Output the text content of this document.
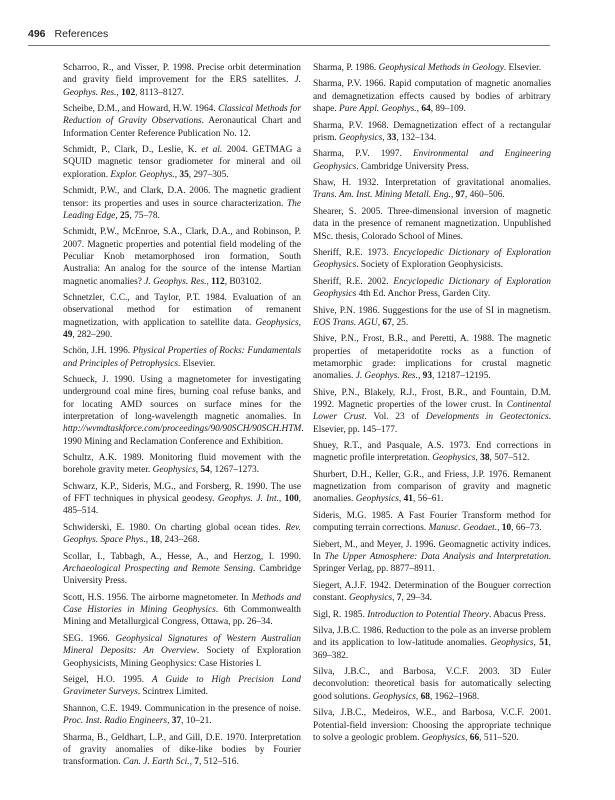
496 References

Scharroo, R., and Visser, P. 1998. Precise orbit determination and gravity field improvement for the ERS satellites. J. Geophys. Res., 102, 8113–8127.

Scheibe, D.M., and Howard, H.W. 1964. Classical Methods for Reduction of Gravity Observations. Aeronautical Chart and Information Center Reference Publication No. 12.

Schmidt, P., Clark, D., Leslie, K. et al. 2004. GETMAG a SQUID magnetic tensor gradiometer for mineral and oil exploration. Explor. Geophys., 35, 297–305.

Schmidt, P.W., and Clark, D.A. 2006. The magnetic gradient tensor: its properties and uses in source characterization. The Leading Edge, 25, 75–78.

Schmidt, P.W., McEnroe, S.A., Clark, D.A., and Robinson, P. 2007. Magnetic properties and potential field modeling of the Peculiar Knob metamorphosed iron formation, South Australia: An analog for the source of the intense Martian magnetic anomalies? J. Geophys. Res., 112, B03102.

Schnetzler, C.C., and Taylor, P.T. 1984. Evaluation of an observational method for estimation of remanent magnetization, with application to satellite data. Geophysics, 49, 282–290.

Schön, J.H. 1996. Physical Properties of Rocks: Fundamentals and Principles of Petrophysics. Elsevier.

Schueck, J. 1990. Using a magnetometer for investigating underground coal mine fires, burning coal refuse banks, and for locating AMD sources on surface mines for the interpretation of long-wavelength magnetic anomalies. In http://wvmdtaskforce.com/proceedings/90/90SCH/90SCH.HTM. 1990 Mining and Reclamation Conference and Exhibition.

Schultz, A.K. 1989. Monitoring fluid movement with the borehole gravity meter. Geophysics, 54, 1267–1273.

Schwarz, K.P., Sideris, M.G., and Forsberg, R. 1990. The use of FFT techniques in physical geodesy. Geophys. J. Int., 100, 485–514.

Schwiderski, E. 1980. On charting global ocean tides. Rev. Geophys. Space Phys., 18, 243–268.

Scollar, I., Tabbagh, A., Hesse, A., and Herzog, I. 1990. Archaeological Prospecting and Remote Sensing. Cambridge University Press.

Scott, H.S. 1956. The airborne magnetometer. In Methods and Case Histories in Mining Geophysics. 6th Commonwealth Mining and Metallurgical Congress, Ottawa, pp. 26–34.

SEG. 1966. Geophysical Signatures of Western Australian Mineral Deposits: An Overview. Society of Exploration Geophysicists, Mining Geophysics: Case Histories I.

Seigel, H.O. 1995. A Guide to High Precision Land Gravimeter Surveys. Scintrex Limited.

Shannon, C.E. 1949. Communication in the presence of noise. Proc. Inst. Radio Engineers, 37, 10–21.

Sharma, B., Geldhart, L.P., and Gill, D.E. 1970. Interpretation of gravity anomalies of dike-like bodies by Fourier transformation. Can. J. Earth Sci., 7, 512–516.

Sharma, P. 1986. Geophysical Methods in Geology. Elsevier.

Sharma, P.V. 1966. Rapid computation of magnetic anomalies and demagnetization effects caused by bodies of arbitrary shape. Pure Appl. Geophys., 64, 89–109.

Sharma, P.V. 1968. Demagnetization effect of a rectangular prism. Geophysics, 33, 132–134.

Sharma, P.V. 1997. Environmental and Engineering Geophysics. Cambridge University Press.

Shaw, H. 1932. Interpretation of gravitational anomalies. Trans. Am. Inst. Mining Metall. Eng., 97, 460–506.

Shearer, S. 2005. Three-dimensional inversion of magnetic data in the presence of remanent magnetization. Unpublished MSc. thesis, Colorado School of Mines.

Sheriff, R.E. 1973. Encyclopedic Dictionary of Exploration Geophysics. Society of Exploration Geophysicists.

Sheriff, R.E. 2002. Encyclopedic Dictionary of Exploration Geophysics 4th Ed. Anchor Press, Garden City.

Shive, P.N. 1986. Suggestions for the use of SI in magnetism. EOS Trans. AGU, 67, 25.

Shive, P.N., Frost, B.R., and Peretti, A. 1988. The magnetic properties of metaperidotite rocks as a function of metamorphic grade: implications for crustal magnetic anomalies. J. Geophys. Res., 93, 12187–12195.

Shive, P.N., Blakely, R.J., Frost, B.R., and Fountain, D.M. 1992. Magnetic properties of the lower crust. In Continental Lower Crust. Vol. 23 of Developments in Geotectonics. Elsevier, pp. 145–177.

Shuey, R.T., and Pasquale, A.S. 1973. End corrections in magnetic profile interpretation. Geophysics, 38, 507–512.

Shurbert, D.H., Keller, G.R., and Friess, J.P. 1976. Remanent magnetization from comparison of gravity and magnetic anomalies. Geophysics, 41, 56–61.

Sideris, M.G. 1985. A Fast Fourier Transform method for computing terrain corrections. Manusc. Geodaet., 10, 66–73.

Siebert, M., and Meyer, J. 1996. Geomagnetic activity indices. In The Upper Atmosphere: Data Analysis and Interpretation. Springer Verlag, pp. 8877–8911.

Siegert, A.J.F. 1942. Determination of the Bouguer correction constant. Geophysics, 7, 29–34.

Sigl, R. 1985. Introduction to Potential Theory. Abacus Press.

Silva, J.B.C. 1986. Reduction to the pole as an inverse problem and its application to low-latitude anomalies. Geophysics, 51, 369–382.

Silva, J.B.C., and Barbosa, V.C.F. 2003. 3D Euler deconvolution: theoretical basis for automatically selecting good solutions. Geophysics, 68, 1962–1968.

Silva, J.B.C., Medeiros, W.E., and Barbosa, V.C.F. 2001. Potential-field inversion: Choosing the appropriate technique to solve a geologic problem. Geophysics, 66, 511–520.
